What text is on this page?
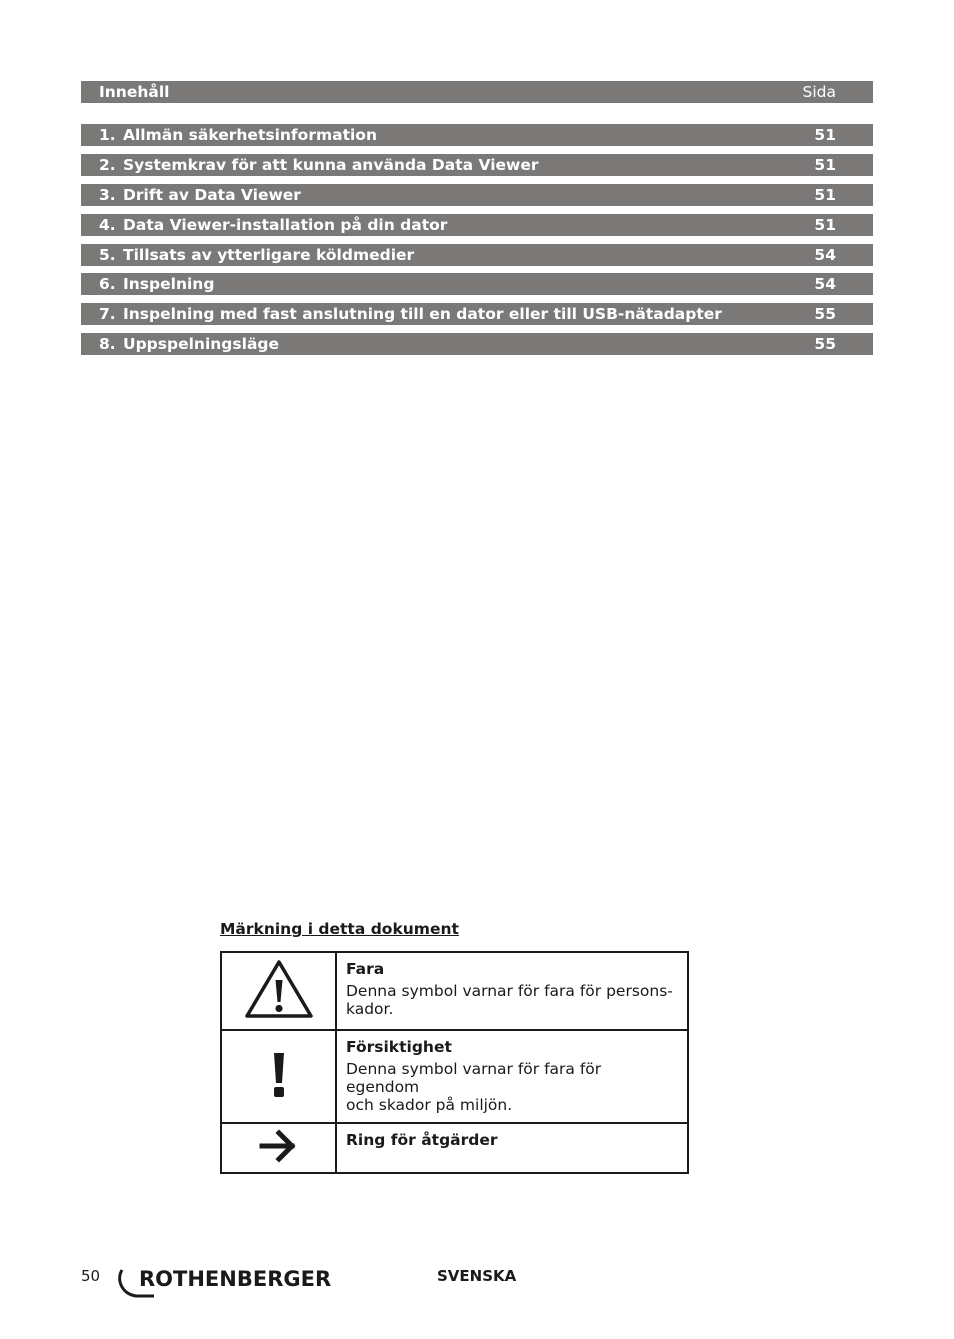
Innehåll	Sida
1. Allmän säkerhetsinformation	51
2. Systemkrav för att kunna använda Data Viewer	51
3. Drift av Data Viewer	51
4. Data Viewer-installation på din dator	51
5. Tillsats av ytterligare köldmedier	54
6. Inspelning	54
7. Inspelning med fast anslutning till en dator eller till USB-nätadapter	55
8. Uppspelningsläge	55
Märkning i detta dokument

Fara
Denna symbol varnar för fara för persons-
kador.

Försiktighet
Denna symbol varnar för fara för egendom
och skador på miljön.

Ring för åtgärder
50 ROTHENBERGER	SVENSKA
